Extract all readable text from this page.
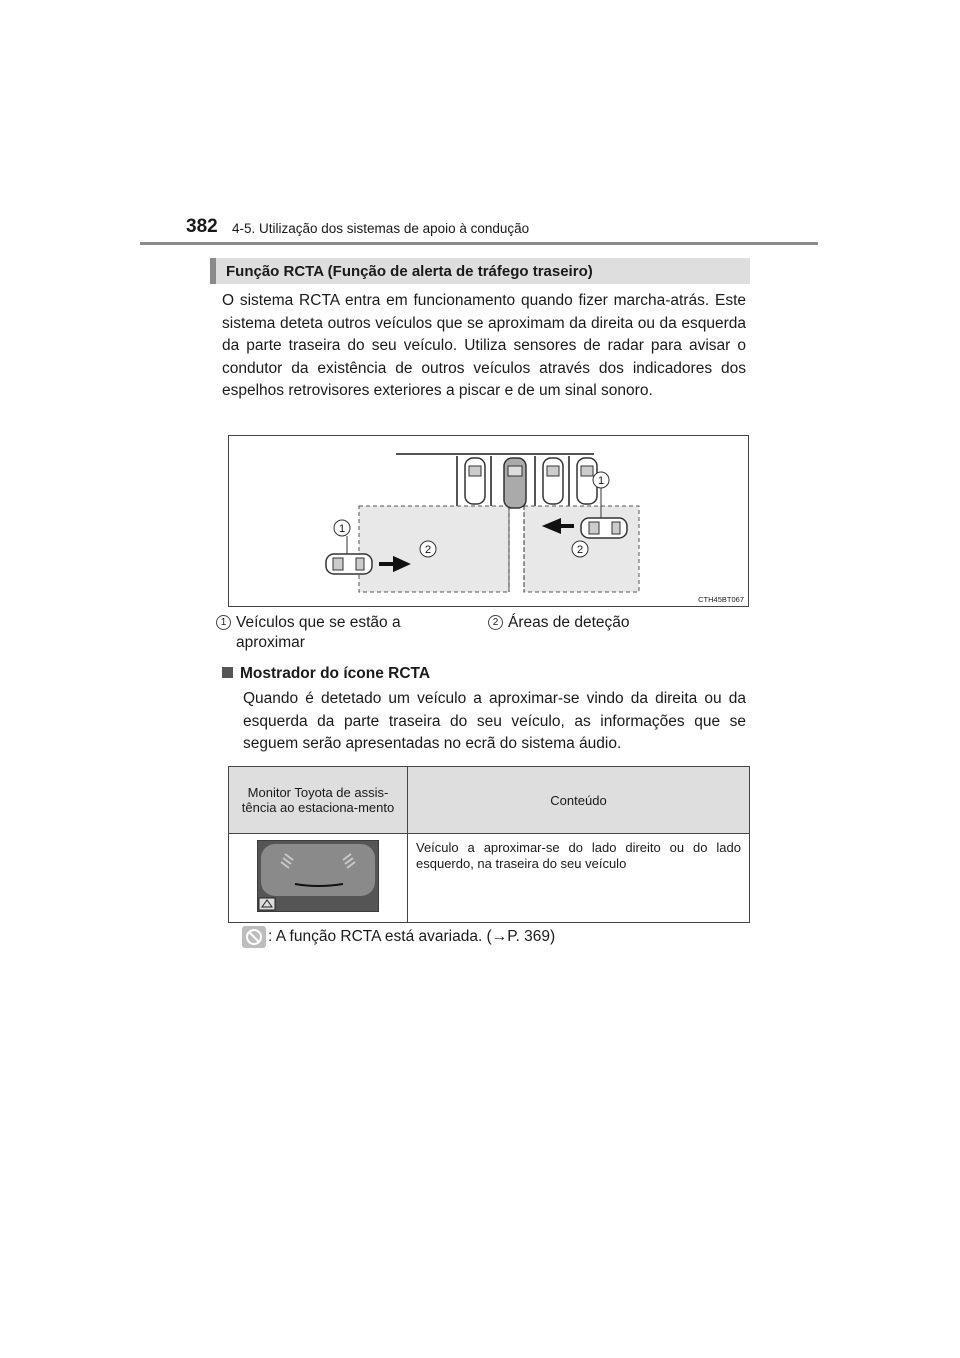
382 4-5. Utilização dos sistemas de apoio à condução
Função RCTA (Função de alerta de tráfego traseiro)
O sistema RCTA entra em funcionamento quando fizer marcha-atrás. Este sistema deteta outros veículos que se aproximam da direita ou da esquerda da parte traseira do seu veículo. Utiliza sensores de radar para avisar o condutor da existência de outros veículos através dos indicadores dos espelhos retrovisores exteriores a piscar e de um sinal sonoro.
1
1
2	2
CTH45BT067
1 Veículos que se estão a aproximar
2 Áreas de deteção
Mostrador do ícone RCTA
Quando é detetado um veículo a aproximar-se vindo da direita ou da esquerda da parte traseira do seu veículo, as informações que se seguem serão apresentadas no ecrã do sistema áudio.
Monitor Toyota de assis-tência ao estaciona-mento	Conteúdo
	Veículo a aproximar-se do lado direito ou do lado esquerdo, na traseira do seu veículo
: A função RCTA está avariada. (→P. 369)
